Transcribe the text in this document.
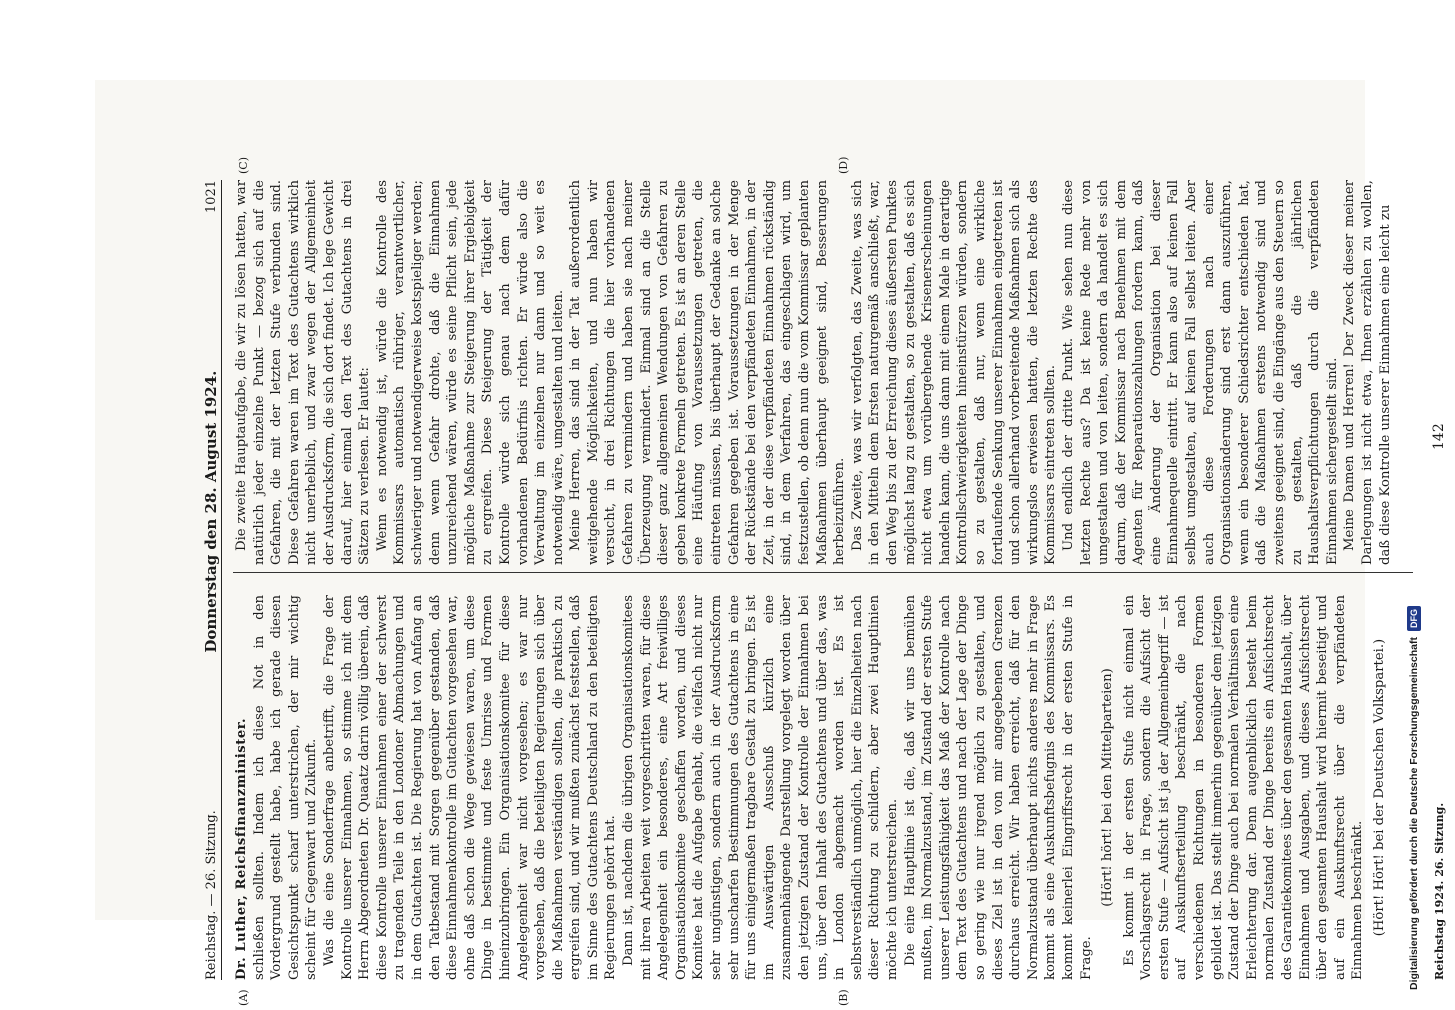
Reichstag. — 26. Sitzung.
Donnerstag den 28. August 1924.
1021
(A)	(B)
(C)	(D)

Dr. Luther, Reichsfinanzminister. schließen sollten. Indem ich diese Not in den Vordergrund gestellt habe, habe ich gerade diesen Gesichtspunkt scharf unterstrichen, der mir wichtig scheint für Gegenwart und Zukunft. Was die eine Sonderfrage anbetrifft, die Frage der Kontrolle unserer Einnahmen, so stimme ich mit dem Herrn Abgeordneten Dr. Quaatz darin völlig überein, daß diese Kontrolle unserer Einnahmen einer der schwerst zu tragenden Teile in den Londoner Abmachungen und in dem Gutachten ist. Die Regierung hat von Anfang an den Tatbestand mit Sorgen gegenüber gestanden, daß diese Einnahmenkontrolle im Gutachten vorgesehen war, ohne daß schon die Wege gewiesen waren, um diese Dinge in bestimmte und feste Umrisse und Formen hineinzubringen. Ein Organisationskomitee für diese Angelegenheit war nicht vorgesehen; es war nur vorgesehen, daß die beteiligten Regierungen sich über die Maßnahmen verständigen sollten, die praktisch zu ergreifen sind, und wir mußten zunächst feststellen, daß im Sinne des Gutachtens Deutschland zu den beteiligten Regierungen gehört hat. Dann ist, nachdem die übrigen Organisationskomitees mit ihren Arbeiten weit vorgeschritten waren, für diese Angelegenheit ein besonderes, eine Art freiwilliges Organisationskomitee geschaffen worden, und dieses Komitee hat die Aufgabe gehabt, die vielfach nicht nur sehr ungünstigen, sondern auch in der Ausdrucksform sehr unscharfen Bestimmungen des Gutachtens in eine für uns einigermaßen tragbare Gestalt zu bringen. Es ist im Auswärtigen Ausschuß kürzlich eine zusammenhängende Darstellung vorgelegt worden über den jetzigen Zustand der Kontrolle der Einnahmen bei uns, über den Inhalt des Gutachtens und über das, was in London abgemacht worden ist. Es ist selbstverständlich unmöglich, hier die Einzelheiten nach dieser Richtung zu schildern, aber zwei Hauptlinien möchte ich unterstreichen. Die eine Hauptlinie ist die, daß wir uns bemühen mußten, im Normalzustand, im Zustand der ersten Stufe unserer Leistungsfähigkeit das Maß der Kontrolle nach dem Text des Gutachtens und nach der Lage der Dinge so gering wie nur irgend möglich zu gestalten, und dieses Ziel ist in den von mir angegebenen Grenzen durchaus erreicht. Wir haben erreicht, daß für den Normalzustand überhaupt nichts anderes mehr in Frage kommt als eine Auskunftsbefugnis des Kommissars. Es kommt keinerlei Eingriffsrecht in der ersten Stufe in Frage.

(Hört! hört! bei den Mittelparteien) Es kommt in der ersten Stufe nicht einmal ein Vorschlagsrecht in Frage, sondern die Aufsicht der ersten Stufe — Aufsicht ist ja der Allgemeinbegriff — ist auf Auskunftserteilung beschränkt, die nach verschiedenen Richtungen in besonderen Formen gebildet ist. Das stellt immerhin gegenüber dem jetzigen Zustand der Dinge auch bei normalen Verhältnissen eine Erleichterung dar. Denn augenblicklich besteht beim normalen Zustand der Dinge bereits ein Aufsichtsrecht des Garantiekomitees über den gesamten Haushalt, über Einnahmen und Ausgaben, und dieses Aufsichtsrecht über den gesamten Haushalt wird hiermit beseitigt und auf ein Auskunftsrecht über die verpfändeten Einnahmen beschränkt. (Hört! Hört! bei der Deutschen Volkspartei.)

Die zweite Hauptaufgabe, die wir zu lösen hatten, war natürlich jeder einzelne Punkt — bezog sich auf die Gefahren, die mit der letzten Stufe verbunden sind. Diese Gefahren waren im Text des Gutachtens wirklich nicht unerheblich, und zwar wegen der Allgemeinheit der Ausdrucksform, die sich dort findet. Ich lege Gewicht darauf, hier einmal den Text des Gutachtens in drei Sätzen zu verlesen. Er lautet: Wenn es notwendig ist, würde die Kontrolle des Kommissars automatisch rühriger, verantwortlicher, schwieriger und notwendigerweise kostspieliger werden; denn wenn Gefahr drohte, daß die Einnahmen unzureichend wären, würde es seine Pflicht sein, jede mögliche Maßnahme zur Steigerung ihrer Ergiebigkeit zu ergreifen. Diese Steigerung der Tätigkeit der Kontrolle würde sich genau nach dem dafür vorhandenen Bedürfnis richten. Er würde also die Verwaltung im einzelnen nur dann und so weit es notwendig wäre, umgestalten und leiten. Meine Herren, das sind in der Tat außerordentlich weitgehende Möglichkeiten, und nun haben wir versucht, in drei Richtungen die hier vorhandenen Gefahren zu vermindern und haben sie nach meiner Überzeugung vermindert. Einmal sind an die Stelle dieser ganz allgemeinen Wendungen von Gefahren zu geben konkrete Formeln getreten. Es ist an deren Stelle eine Häufung von Voraussetzungen getreten, die eintreten müssen, bis überhaupt der Gedanke an solche Gefahren gegeben ist. Voraussetzungen in der Menge der Rückstände bei den verpfändeten Einnahmen, in der Zeit, in der diese verpfändeten Einnahmen rückständig sind, in dem Verfahren, das eingeschlagen wird, um festzustellen, ob denn nun die vom Kommissar geplanten Maßnahmen überhaupt geeignet sind, Besserungen herbeizuführen. Das Zweite, was wir verfolgten, das Zweite, was sich in den Mitteln dem Ersten naturgemäß anschließt, war, den Weg bis zu der Erreichung dieses äußersten Punktes möglichst lang zu gestalten, so zu gestalten, daß es sich nicht etwa um vorübergehende Krisenerscheinungen handeln kann, die uns dann mit einem Male in derartige Kontrollschwierigkeiten hineinstürzen würden, sondern so zu gestalten, daß nur, wenn eine wirkliche fortlaufende Senkung unserer Einnahmen eingetreten ist und schon allerhand vorbereitende Maßnahmen sich als wirkungslos erwiesen hatten, die letzten Rechte des Kommissars eintreten sollten. Und endlich der dritte Punkt. Wie sehen nun diese letzten Rechte aus? Da ist keine Rede mehr von umgestalten und von leiten, sondern da handelt es sich darum, daß der Kommissar nach Benehmen mit dem Agenten für Reparationszahlungen fordern kann, daß eine Änderung der Organisation bei dieser Einnahmequelle eintritt. Er kann also auf keinen Fall selbst umgestalten, auf keinen Fall selbst leiten. Aber auch diese Forderungen nach einer Organisationsänderung sind erst dann auszuführen, wenn ein besonderer Schiedsrichter entschieden hat, daß die Maßnahmen erstens notwendig sind und zweitens geeignet sind, die Eingänge aus den Steuern so zu gestalten, daß die jährlichen Haushaltsverpflichtungen durch die verpfändeten Einnahmen sichergestellt sind. Meine Damen und Herren! Der Zweck dieser meiner Darlegungen ist nicht etwa, Ihnen erzählen zu wollen, daß diese Kontrolle unserer Einnahmen eine leicht zu

Reichstag 1924. 26. Sitzung.
142
Digitalisierung gefördert durch die Deutsche Forschungsgemeinschaft
DFG
